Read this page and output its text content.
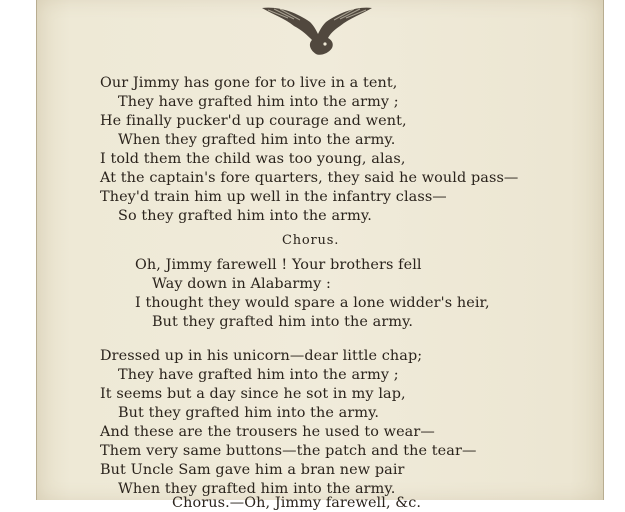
Our Jimmy has gone for to live in a tent,
They have grafted him into the army ;
He finally pucker'd up courage and went,
When they grafted him into the army.
I told them the child was too young, alas,
At the captain's fore quarters, they said he would pass—
They'd train him up well in the infantry class—
So they grafted him into the army.
Chorus.
Oh, Jimmy farewell ! Your brothers fell
Way down in Alabarmy :
I thought they would spare a lone widder's heir,
But they grafted him into the army.
Dressed up in his unicorn—dear little chap;
They have grafted him into the army ;
It seems but a day since he sot in my lap,
But they grafted him into the army.
And these are the trousers he used to wear—
Them very same buttons—the patch and the tear—
But Uncle Sam gave him a bran new pair
When they grafted him into the army.
Chorus.—Oh, Jimmy farewell, &c.
